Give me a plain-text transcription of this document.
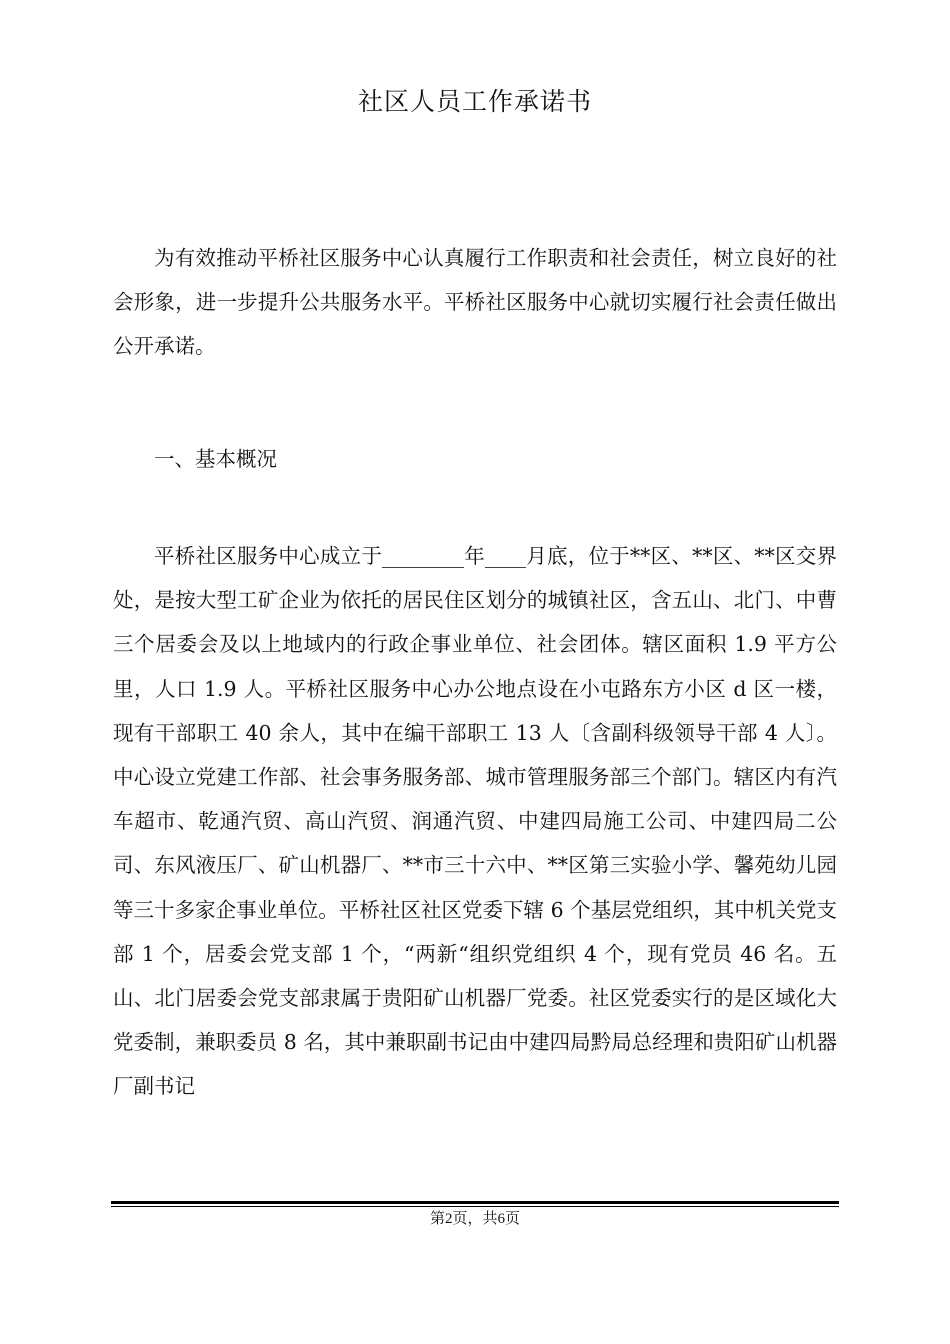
社区人员工作承诺书

为有效推动平桥社区服务中心认真履行工作职责和社会责任，树立良好的社会形象，进一步提升公共服务水平。平桥社区服务中心就切实履行社会责任做出公开承诺。

一、基本概况

平桥社区服务中心成立于________年____月底，位于**区、**区、**区交界处，是按大型工矿企业为依托的居民住区划分的城镇社区，含五山、北门、中曹三个居委会及以上地域内的行政企事业单位、社会团体。辖区面积 1.9 平方公里，人口 1.9 人。平桥社区服务中心办公地点设在小屯路东方小区 d 区一楼，现有干部职工 40 余人，其中在编干部职工 13 人〔含副科级领导干部 4 人〕。中心设立党建工作部、社会事务服务部、城市管理服务部三个部门。辖区内有汽车超市、乾通汽贸、高山汽贸、润通汽贸、中建四局施工公司、中建四局二公司、东风液压厂、矿山机器厂、**市三十六中、**区第三实验小学、馨苑幼儿园等三十多家企事业单位。平桥社区社区党委下辖 6 个基层党组织，其中机关党支部 1 个，居委会党支部 1 个，“两新“组织党组织 4 个，现有党员 46 名。五山、北门居委会党支部隶属于贵阳矿山机器厂党委。社区党委实行的是区域化大党委制，兼职委员 8 名，其中兼职副书记由中建四局黔局总经理和贵阳矿山机器厂副书记

第2页，共6页
